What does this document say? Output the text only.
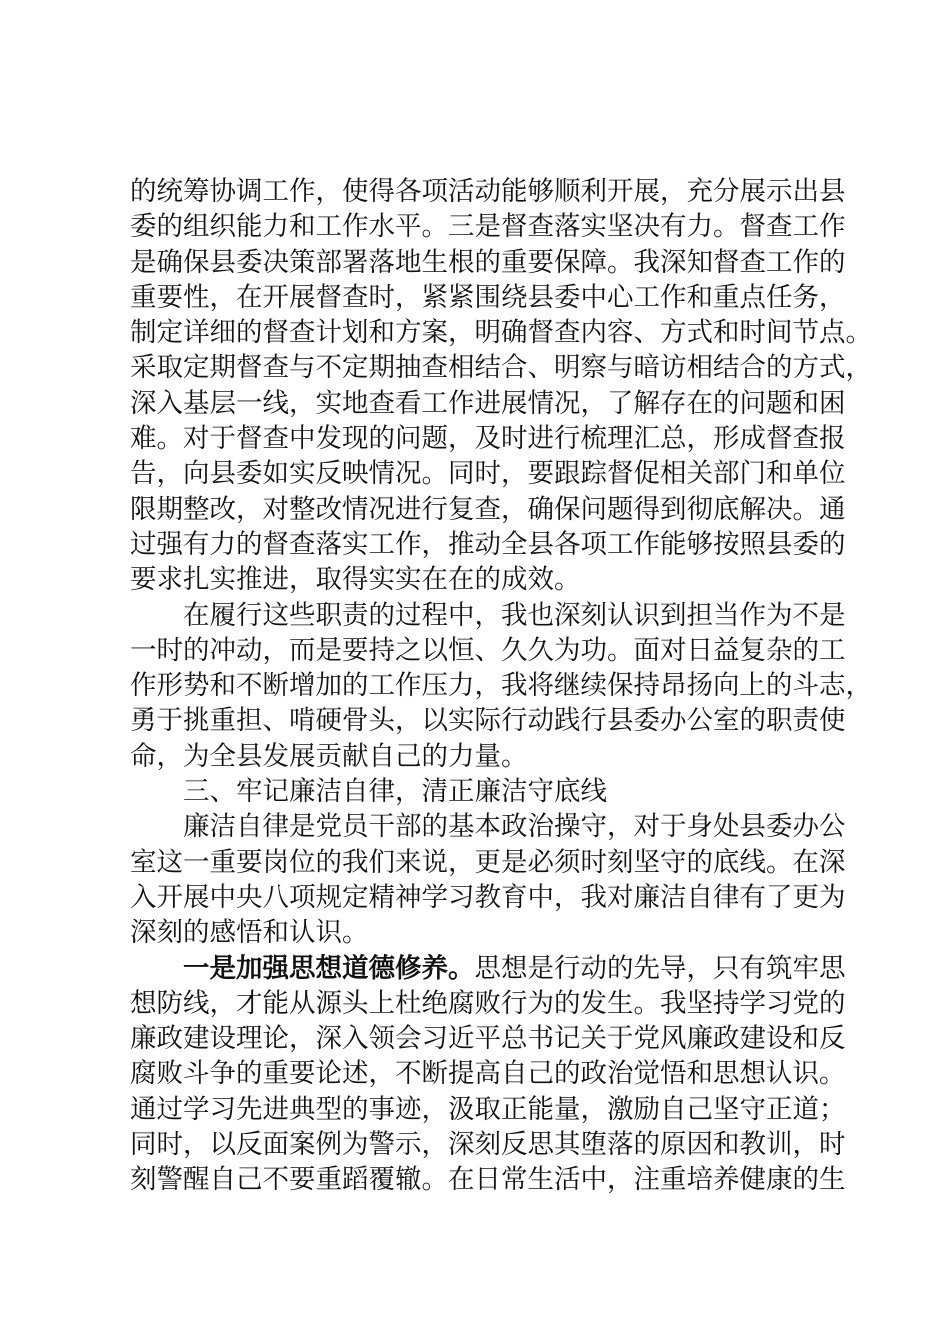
的统筹协调工作，使得各项活动能够顺利开展，充分展示出县
委的组织能力和工作水平。三是督查落实坚决有力。督查工作
是确保县委决策部署落地生根的重要保障。我深知督查工作的
重要性，在开展督查时，紧紧围绕县委中心工作和重点任务，
制定详细的督查计划和方案，明确督查内容、方式和时间节点。
采取定期督查与不定期抽查相结合、明察与暗访相结合的方式，
深入基层一线，实地查看工作进展情况，了解存在的问题和困
难。对于督查中发现的问题，及时进行梳理汇总，形成督查报
告，向县委如实反映情况。同时，要跟踪督促相关部门和单位
限期整改，对整改情况进行复查，确保问题得到彻底解决。通
过强有力的督查落实工作，推动全县各项工作能够按照县委的
要求扎实推进，取得实实在在的成效。
在履行这些职责的过程中，我也深刻认识到担当作为不是
一时的冲动，而是要持之以恒、久久为功。面对日益复杂的工
作形势和不断增加的工作压力，我将继续保持昂扬向上的斗志，
勇于挑重担、啃硬骨头，以实际行动践行县委办公室的职责使
命，为全县发展贡献自己的力量。
三、牢记廉洁自律，清正廉洁守底线
廉洁自律是党员干部的基本政治操守，对于身处县委办公
室这一重要岗位的我们来说，更是必须时刻坚守的底线。在深
入开展中央八项规定精神学习教育中，我对廉洁自律有了更为
深刻的感悟和认识。
一是加强思想道德修养。思想是行动的先导，只有筑牢思
想防线，才能从源头上杜绝腐败行为的发生。我坚持学习党的
廉政建设理论，深入领会习近平总书记关于党风廉政建设和反
腐败斗争的重要论述，不断提高自己的政治觉悟和思想认识。
通过学习先进典型的事迹，汲取正能量，激励自己坚守正道；
同时，以反面案例为警示，深刻反思其堕落的原因和教训，时
刻警醒自己不要重蹈覆辙。在日常生活中，注重培养健康的生
